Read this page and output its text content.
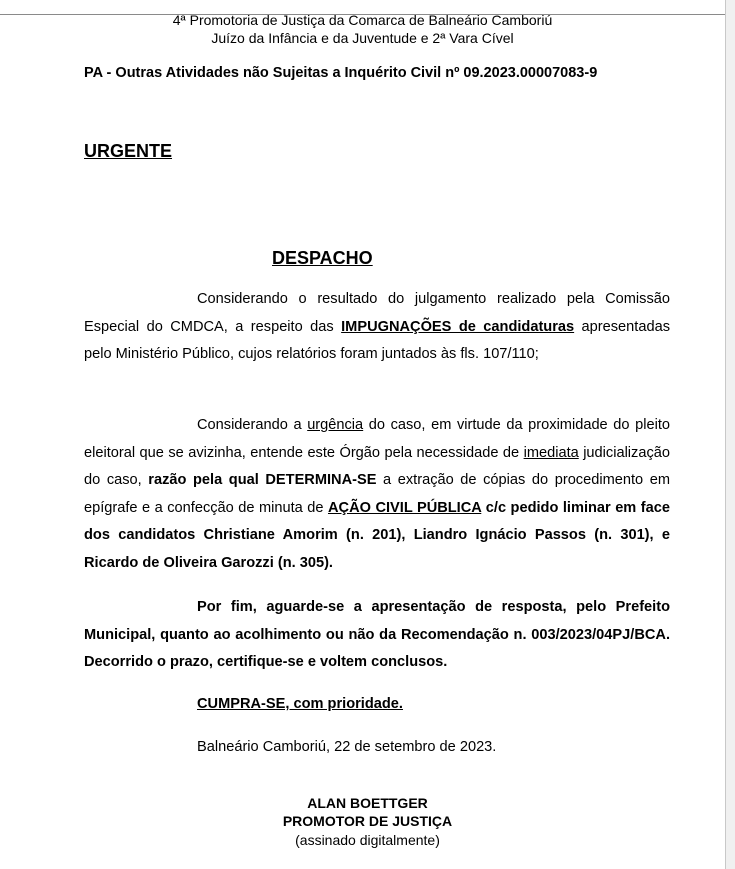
4ª Promotoria de Justiça da Comarca de Balneário Camboriú
Juízo da Infância e da Juventude e 2ª Vara Cível
PA - Outras Atividades não Sujeitas a Inquérito Civil nº 09.2023.00007083-9
URGENTE
DESPACHO
Considerando o resultado do julgamento realizado pela Comissão Especial do CMDCA, a respeito das IMPUGNAÇÕES de candidaturas apresentadas pelo Ministério Público, cujos relatórios foram juntados às fls. 107/110;
Considerando a urgência do caso, em virtude da proximidade do pleito eleitoral que se avizinha, entende este Órgão pela necessidade de imediata judicialização do caso, razão pela qual DETERMINA-SE a extração de cópias do procedimento em epígrafe e a confecção de minuta de AÇÃO CIVIL PÚBLICA c/c pedido liminar em face dos candidatos Christiane Amorim (n. 201), Liandro Ignácio Passos (n. 301), e Ricardo de Oliveira Garozzi (n. 305).
Por fim, aguarde-se a apresentação de resposta, pelo Prefeito Municipal, quanto ao acolhimento ou não da Recomendação n. 003/2023/04PJ/BCA. Decorrido o prazo, certifique-se e voltem conclusos.
CUMPRA-SE, com prioridade.
Balneário Camboriú, 22 de setembro de 2023.
ALAN BOETTGER
PROMOTOR DE JUSTIÇA
(assinado digitalmente)
